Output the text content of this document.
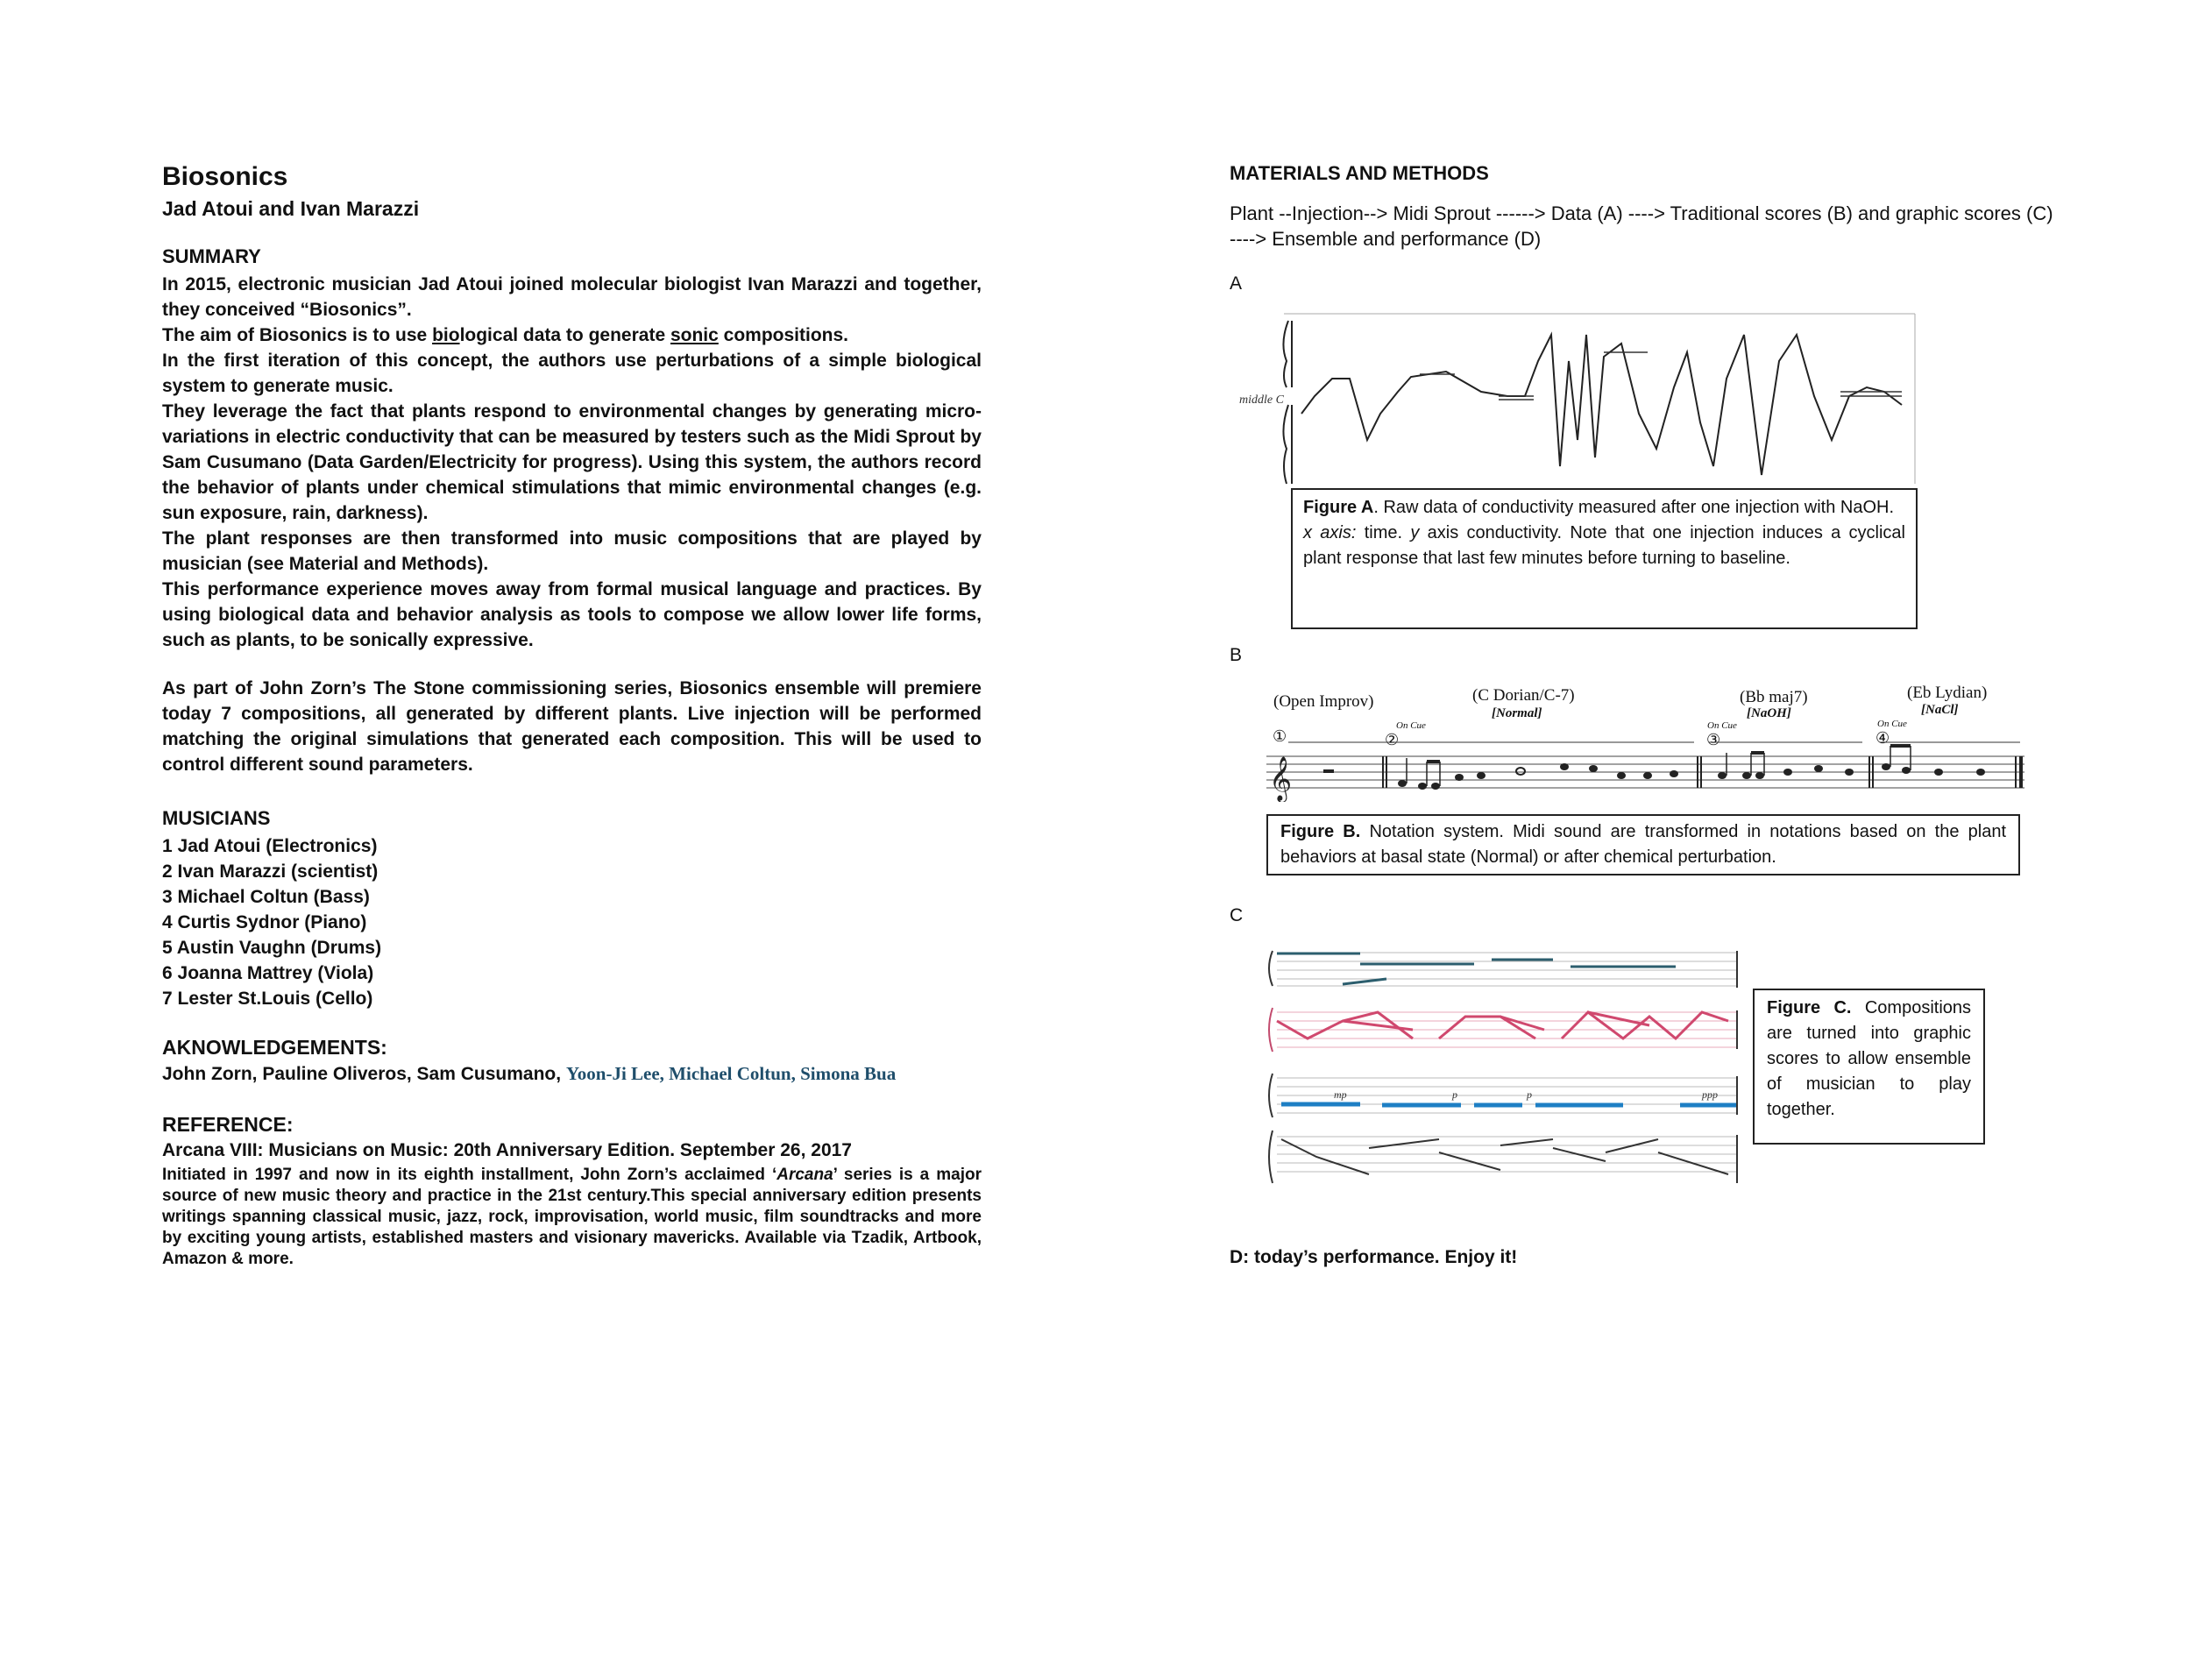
Biosonics
Jad Atoui and Ivan Marazzi
SUMMARY

In 2015, electronic musician Jad Atoui joined molecular biologist Ivan Marazzi and together, they conceived “Biosonics”.

The aim of Biosonics is to use biological data to generate sonic compositions.

In the first iteration of this concept, the authors use perturbations of a simple biological system to generate music.

They leverage the fact that plants respond to environmental changes by generating micro-variations in electric conductivity that can be measured by testers such as the Midi Sprout by Sam Cusumano (Data Garden/Electricity for progress). Using this system, the authors record the behavior of plants under chemical stimulations that mimic environmental changes (e.g. sun exposure, rain, darkness).

The plant responses are then transformed into music compositions that are played by musician (see Material and Methods).

This performance experience moves away from formal musical language and practices. By using biological data and behavior analysis as tools to compose we allow lower life forms, such as plants, to be sonically expressive.

As part of John Zorn’s The Stone commissioning series, Biosonics ensemble will premiere today 7 compositions, all generated by different plants. Live injection will be performed matching the original simulations that generated each composition. This will be used to control different sound parameters.

MUSICIANS
1 Jad Atoui (Electronics)
2 Ivan Marazzi (scientist)
3 Michael Coltun (Bass)
4 Curtis Sydnor (Piano)
5 Austin Vaughn (Drums)
6 Joanna Mattrey (Viola)
7 Lester St.Louis (Cello)
AKNOWLEDGEMENTS:
John Zorn, Pauline Oliveros, Sam Cusumano, Yoon-Ji Lee, Michael Coltun, Simona Bua
REFERENCE:
Arcana VIII: Musicians on Music: 20th Anniversary Edition. September 26, 2017

Initiated in 1997 and now in its eighth installment, John Zorn’s acclaimed ‘Arcana’ series is a major source of new music theory and practice in the 21st century.This special anniversary edition presents writings spanning classical music, jazz, rock, improvisation, world music, film soundtracks and more by exciting young artists, established masters and visionary mavericks. Available via Tzadik, Artbook, Amazon & more.

MATERIALS AND METHODS

Plant --Injection--> Midi Sprout ------> Data (A) ----> Traditional scores (B) and graphic scores (C) ----> Ensemble and performance (D)

A
middle C
Figure A. Raw data of conductivity measured after one injection with NaOH.
x axis: time. y axis conductivity. Note that one injection induces a cyclical plant response that last few minutes before turning to baseline.
B
(Open Improv)	(C Dorian/C-7)
[Normal]
(Bb maj7)
[NaOH]
(Eb Lydian)
[NaCl]
On Cue	On Cue	On Cue
①	②	③	④
𝄞
Figure B. Notation system. Midi sound are transformed in notations based on the plant behaviors at basal state (Normal) or after chemical perturbation.
C
mp	p	p	ppp
Figure C. Compositions are turned into graphic scores to allow ensemble of musician to play together.
D: today’s performance. Enjoy it!
